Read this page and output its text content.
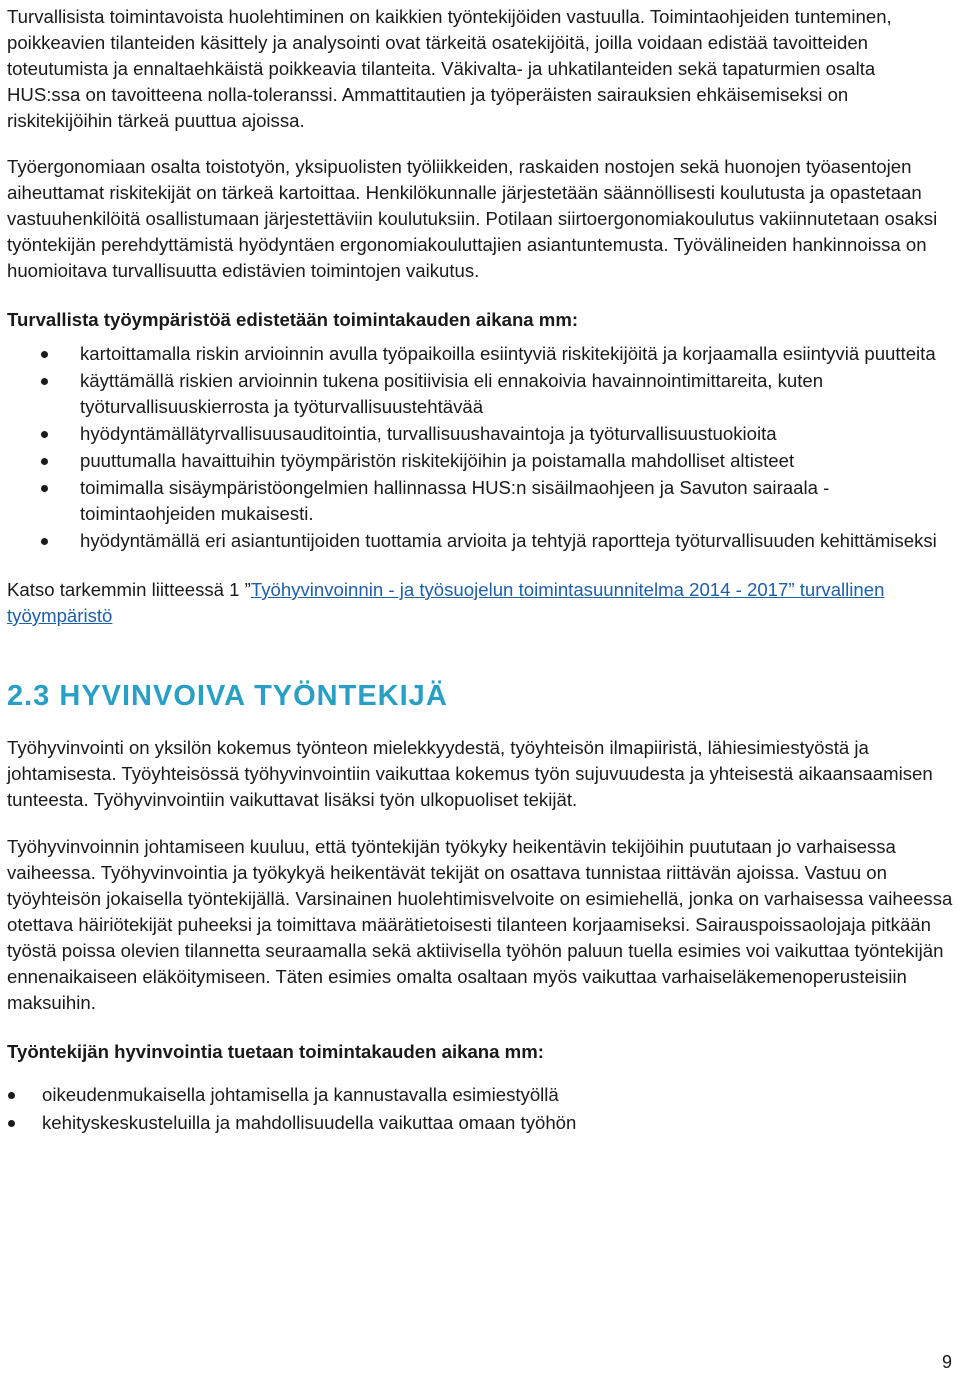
Turvallisista toimintavoista huolehtiminen on kaikkien työntekijöiden vastuulla. Toimintaohjeiden tunteminen, poikkeavien tilanteiden käsittely ja analysointi ovat tärkeitä osatekijöitä, joilla voidaan edistää tavoitteiden toteutumista ja ennaltaehkäistä poikkeavia tilanteita. Väkivalta- ja uhkatilanteiden sekä tapaturmien osalta HUS:ssa on tavoitteena nolla-toleranssi. Ammattitautien ja työperäisten sairauksien ehkäisemiseksi on riskitekijöihin tärkeä puuttua ajoissa.

Työergonomiaan osalta toistotyön, yksipuolisten työliikkeiden, raskaiden nostojen sekä huonojen työasentojen aiheuttamat riskitekijät on tärkeä kartoittaa. Henkilökunnalle järjestetään säännöllisesti koulutusta ja opastetaan vastuuhenkilöitä osallistumaan järjestettäviin koulutuksiin. Potilaan siirtoergonomiakoulutus vakiinnutetaan osaksi työntekijän perehdyttämistä hyödyntäen ergonomiakouluttajien asiantuntemusta. Työvälineiden hankinnoissa on huomioitava turvallisuutta edistävien toimintojen vaikutus.

Turvallista työympäristöä edistetään toimintakauden aikana mm:

kartoittamalla riskin arvioinnin avulla työpaikoilla esiintyviä riskitekijöitä ja korjaamalla esiintyviä puutteita
käyttämällä riskien arvioinnin tukena positiivisia eli ennakoivia havainnointimittareita, kuten työturvallisuuskierrosta ja työturvallisuustehtävää
hyödyntämällätyrvallisuusauditointia, turvallisuushavaintoja ja työturvallisuustuokioita
puuttumalla havaittuihin työympäristön riskitekijöihin ja poistamalla mahdolliset altisteet
toimimalla sisäympäristöongelmien hallinnassa HUS:n sisäilmaohjeen ja Savuton sairaala - toimintaohjeiden mukaisesti.
hyödyntämällä eri asiantuntijoiden tuottamia arvioita ja tehtyjä raportteja työturvallisuuden kehittämiseksi

Katso tarkemmin liitteessä 1 ”Työhyvinvoinnin - ja työsuojelun toimintasuunnitelma 2014 - 2017” turvallinen työympäristö

2.3 HYVINVOIVA TYÖNTEKIJÄ

Työhyvinvointi on yksilön kokemus työnteon mielekkyydestä, työyhteisön ilmapiiristä, lähiesimiestyöstä ja johtamisesta. Työyhteisössä työhyvinvointiin vaikuttaa kokemus työn sujuvuudesta ja yhteisestä aikaansaamisen tunteesta. Työhyvinvointiin vaikuttavat lisäksi työn ulkopuoliset tekijät.

Työhyvinvoinnin johtamiseen kuuluu, että työntekijän työkyky heikentävin tekijöihin puututaan jo varhaisessa vaiheessa. Työhyvinvointia ja työkykyä heikentävät tekijät on osattava tunnistaa riittävän ajoissa. Vastuu on työyhteisön jokaisella työntekijällä. Varsinainen huolehtimisvelvoite on esimiehellä, jonka on varhaisessa vaiheessa otettava häiriötekijät puheeksi ja toimittava määrätietoisesti tilanteen korjaamiseksi. Sairauspoissaolojaja pitkään työstä poissa olevien tilannetta seuraamalla sekä aktiivisella työhön paluun tuella esimies voi vaikuttaa työntekijän ennenaikaiseen eläköitymiseen. Täten esimies omalta osaltaan myös vaikuttaa varhaiseläkemenoperusteisiin maksuihin.

Työntekijän hyvinvointia tuetaan toimintakauden aikana mm:

oikeudenmukaisella johtamisella ja kannustavalla esimiestyöllä
kehityskeskusteluilla ja mahdollisuudella vaikuttaa omaan työhön
9
